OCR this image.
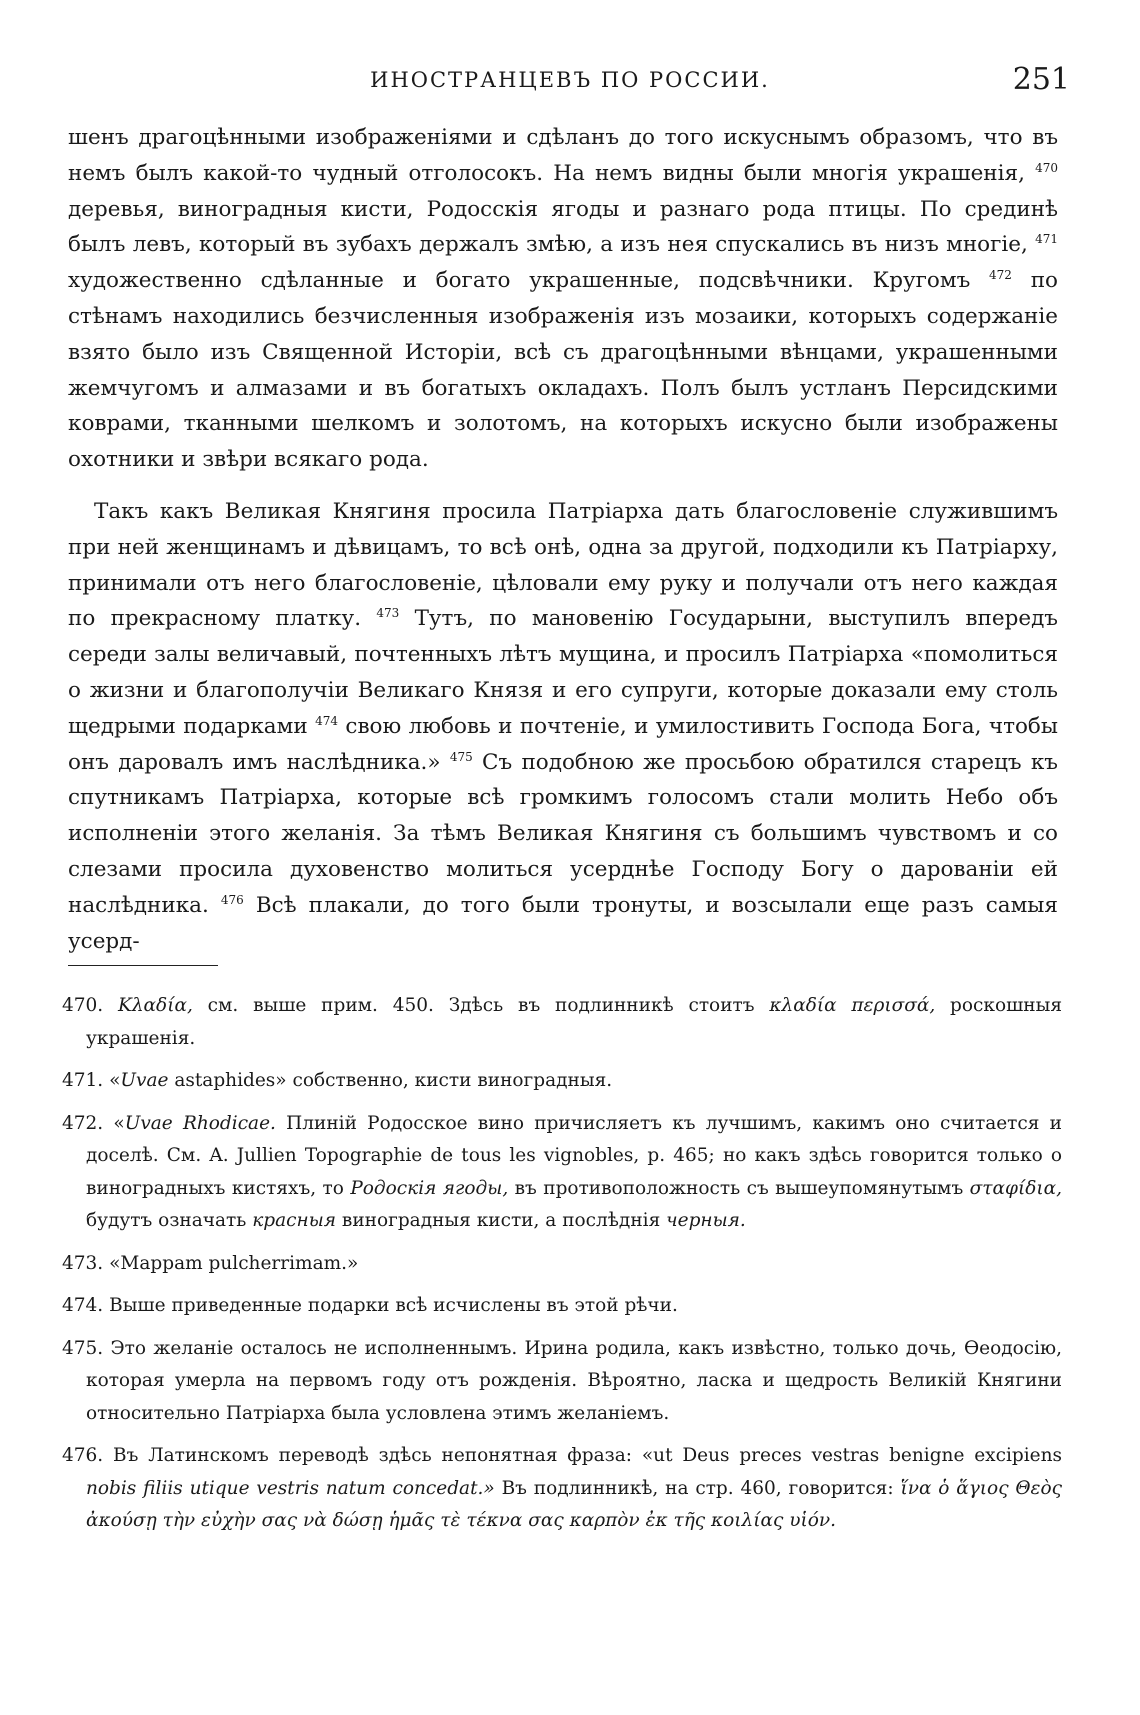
ИНОСТРАНЦЕВЪ ПО РОССИИ.	251

шенъ драгоцѣнными изображеніями и сдѣланъ до того искуснымъ образомъ, что въ немъ былъ какой-то чудный отголосокъ. На немъ видны были многія украшенія, $^{470}$ деревья, виноградныя кисти, Родосскія ягоды и разнаго рода птицы. По срединѣ былъ левъ, который въ зубахъ держалъ змѣю, а изъ нея спускались въ низъ многіе, $^{471}$ художественно сдѣланные и богато украшенные, подсвѣчники. Кругомъ $^{472}$ по стѣнамъ находились безчисленныя изображенія изъ мозаики, которыхъ содержаніе взято было изъ Священной Исторіи, всѣ съ драгоцѣнными вѣнцами, украшенными жемчугомъ и алмазами и въ богатыхъ окладахъ. Полъ былъ устланъ Персидскими коврами, тканными шелкомъ и золотомъ, на которыхъ искусно были изображены охотники и звѣри всякаго рода.

Такъ какъ Великая Княгиня просила Патріарха дать благословеніе служившимъ при ней женщинамъ и дѣвицамъ, то всѣ онѣ, одна за другой, подходили къ Патріарху, принимали отъ него благословеніе, цѣловали ему руку и получали отъ него каждая по прекрасному платку. $^{473}$ Тутъ, по мановенію Государыни, выступилъ впередъ середи залы величавый, почтенныхъ лѣтъ мущина, и просилъ Патріарха «помолиться о жизни и благополучіи Великаго Князя и его супруги, которые доказали ему столь щедрыми подарками $^{474}$ свою любовь и почтеніе, и умилостивить Господа Бога, чтобы онъ даровалъ имъ наслѣдника.» $^{475}$ Съ подобною же просьбою обратился старецъ къ спутникамъ Патріарха, которые всѣ громкимъ голосомъ стали молить Небо объ исполненіи этого желанія. За тѣмъ Великая Княгиня съ большимъ чувствомъ и со слезами просила духовенство молиться усерднѣе Господу Богу о дарованіи ей наслѣдника. $^{476}$ Всѣ плакали, до того были тронуты, и возсылали еще разъ самыя усерд-

470. Κλαδία, см. выше прим. 450. Здѣсь въ подлинникѣ стоитъ κλαδία περισσά, роскошныя украшенія.

471. «Uvae astaphides» собственно, кисти виноградныя.

472. «Uvae Rhodicae. Плиній Родосское вино причисляетъ къ лучшимъ, какимъ оно считается и доселѣ. См. A. Jullien Topographie de tous les vignobles, p. 465; но какъ здѣсь говорится только о виноградныхъ кистяхъ, то Родоскія ягоды, въ противоположность съ вышеупомянутымъ σταφίδια, будутъ означать красныя виноградныя кисти, а послѣднія черныя.

473. «Mappam pulcherrimam.»

474. Выше приведенные подарки всѣ исчислены въ этой рѣчи.

475. Это желаніе осталось не исполненнымъ. Ирина родила, какъ извѣстно, только дочь, Ѳеодосію, которая умерла на первомъ году отъ рожденія. Вѣроятно, ласка и щедрость Великій Княгини относительно Патріарха была условлена этимъ желаніемъ.

476. Въ Латинскомъ переводѣ здѣсь непонятная фраза: «ut Deus preces vestras benigne excipiens nobis filiis utique vestris natum concedat.» Въ подлинникѣ, на стр. 460, говорится: ἵνα ὁ ἅγιος Θεὸς ἀκούσῃ τὴν εὐχὴν σας νὰ δώσῃ ἡμᾶς τὲ τέκνα σας καρπὸν ἐκ τῆς κοιλίας υἱόν.
